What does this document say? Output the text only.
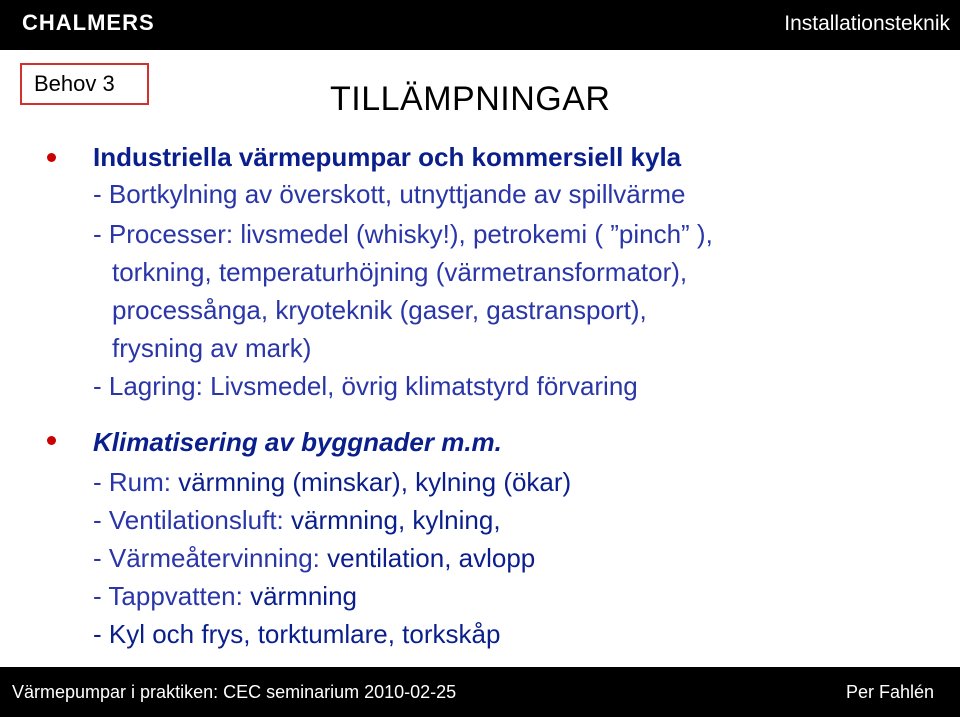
CHALMERS	Installationsteknik
Behov 3	TILLÄMPNINGAR
Industriella värmepumpar och kommersiell kyla
- Bortkylning av överskott, utnyttjande av spillvärme
- Processer: livsmedel (whisky!), petrokemi ( ”pinch” ),
torkning, temperaturhöjning (värmetransformator),
processånga, kryoteknik (gaser, gastransport),
frysning av mark)
- Lagring: Livsmedel, övrig klimatstyrd förvaring
Klimatisering av byggnader m.m.
- Rum: värmning (minskar), kylning (ökar)
- Ventilationsluft: värmning, kylning,
- Värmeåtervinning: ventilation, avlopp
- Tappvatten: värmning
- Kyl och frys, torktumlare, torkskåp
Värmepumpar i praktiken: CEC seminarium 2010-02-25	Per Fahlén
